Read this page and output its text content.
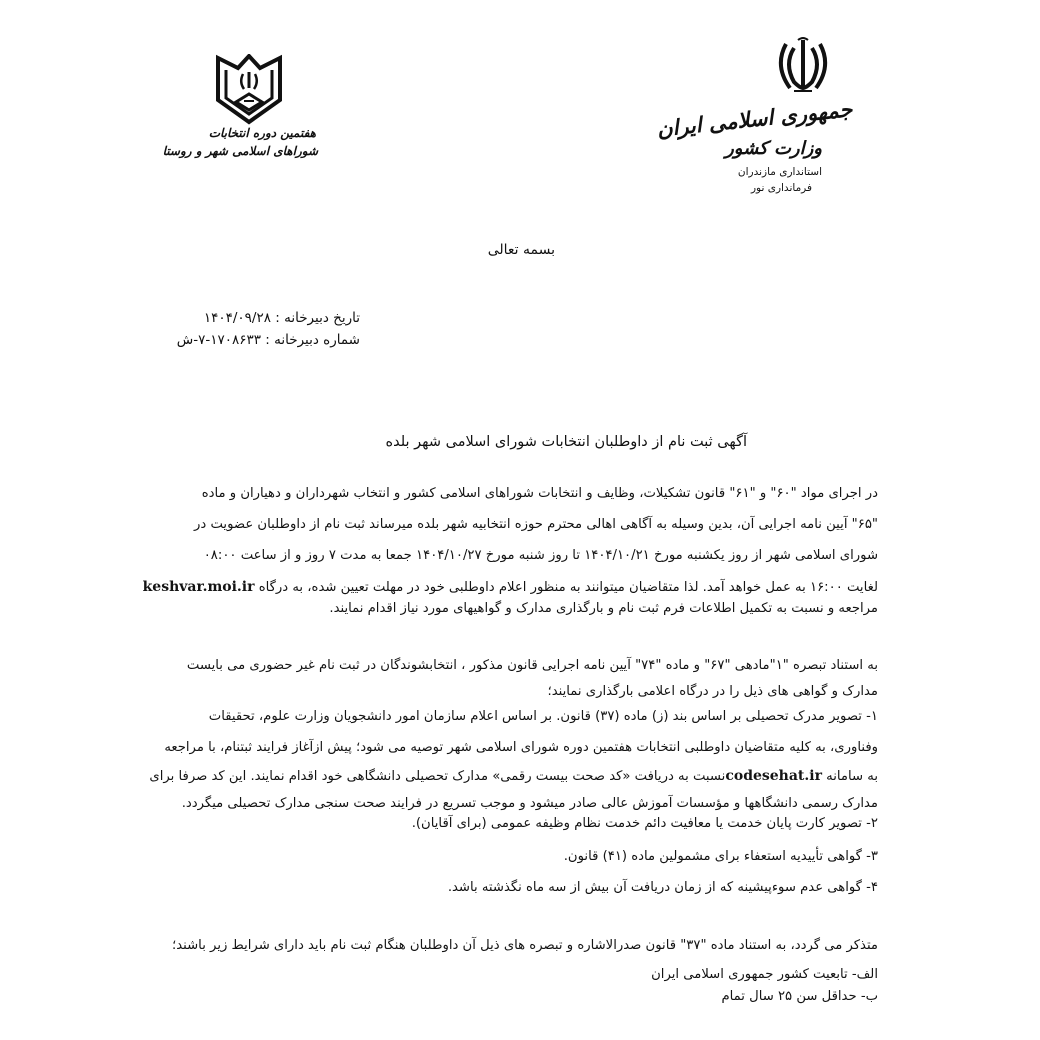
جمهوری اسلامی ایران
وزارت کشور
استانداری مازندران
فرمانداری نور
هفتمین دوره انتخابات
شوراهای اسلامی شهر و روستا
بسمه تعالی
تاریخ دبیرخانه : ۱۴۰۴/۰۹/۲۸
شماره دبیرخانه : ۱۷۰۸۶۳۳-۷-ش
آگهی ثبت نام از داوطلبان انتخابات شورای اسلامی شهر بلده
در اجرای مواد "۶۰" و "۶۱" قانون تشکیلات، وظایف و انتخابات شوراهای اسلامی کشور و انتخاب شهرداران و دهیاران و ماده
"۶۵" آیین نامه اجرایی آن، بدین وسیله به آگاهی اهالی محترم حوزه انتخابیه شهر بلده میرساند ثبت نام از داوطلبان عضویت در
شورای اسلامی شهر از روز یکشنبه مورخ ۱۴۰۴/۱۰/۲۱ تا روز شنبه مورخ ۱۴۰۴/۱۰/۲۷ جمعا به مدت ۷ روز و از ساعت ۰۸:۰۰
لغایت ۱۶:۰۰ به عمل خواهد آمد. لذا متقاضیان میتوانند به منظور اعلام داوطلبی خود در مهلت تعیین شده، به درگاه keshvar.moi.ir
مراجعه و نسبت به تکمیل اطلاعات فرم ثبت نام و بارگذاری مدارک و گواهیهای مورد نیاز اقدام نمایند.
به استناد تبصره "۱"مادهی "۶۷" و ماده "۷۴" آیین نامه اجرایی قانون مذکور ، انتخابشوندگان در ثبت نام غیر حضوری می بایست
مدارک و گواهی های ذیل را در درگاه اعلامی بارگذاری نمایند؛
۱- تصویر مدرک تحصیلی بر اساس بند (ز) ماده (۳۷) قانون. بر اساس اعلام سازمان امور دانشجویان وزارت علوم، تحقیقات
وفناوری، به کلیه متقاضیان داوطلبی انتخابات هفتمین دوره شورای اسلامی شهر توصیه می شود؛ پیش ازآغاز فرایند ثبتنام، با مراجعه
به سامانه codesehat.irنسبت به دریافت «کد صحت بیست رقمی» مدارک تحصیلی دانشگاهی خود اقدام نمایند. این کد صرفا برای
مدارک رسمی دانشگاهها و مؤسسات آموزش عالی صادر میشود و موجب تسریع در فرایند صحت سنجی مدارک تحصیلی میگردد.
۲- تصویر کارت پایان خدمت یا معافیت دائم خدمت نظام وظیفه عمومی (برای آقایان).
۳- گواهی تأییدیه استعفاء برای مشمولین ماده (۴۱) قانون.
۴- گواهی عدم سوءپیشینه که از زمان دریافت آن بیش از سه ماه نگذشته باشد.
متذکر می گردد، به استناد ماده "۳۷" قانون صدرالاشاره و تبصره های ذیل آن داوطلبان هنگام ثبت نام باید دارای شرایط زیر باشند؛
الف- تابعیت کشور جمهوری اسلامی ایران
ب- حداقل سن ۲۵ سال تمام
